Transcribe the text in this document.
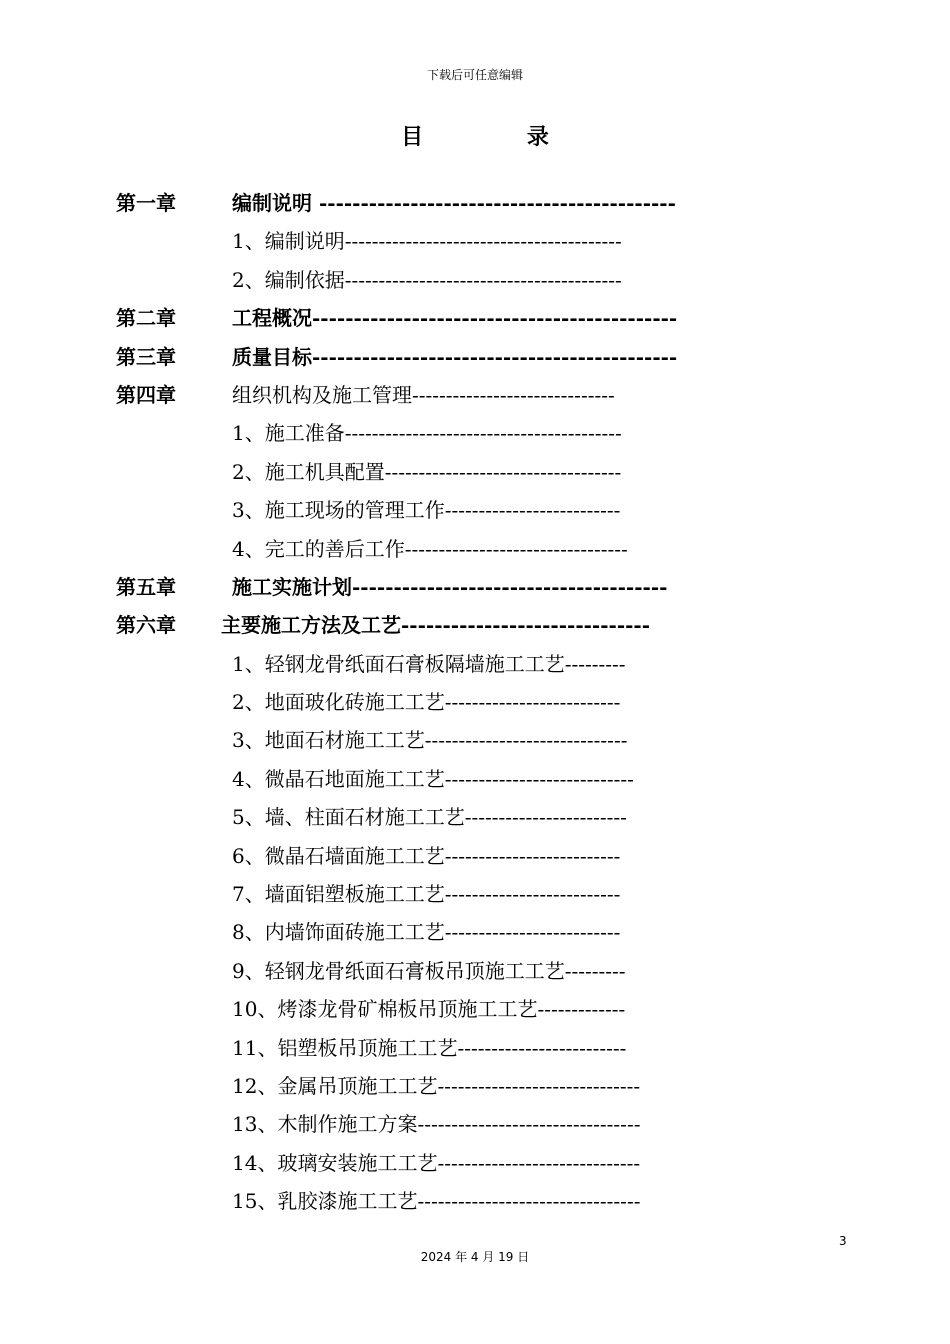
下载后可任意编辑
目 录
第一章	编制说明 -------------------------------------------
1、编制说明-----------------------------------------
2、编制依据-----------------------------------------
第二章	工程概况--------------------------------------------
第三章	质量目标--------------------------------------------
第四章	组织机构及施工管理------------------------------
1、施工准备-----------------------------------------
2、施工机具配置-----------------------------------
3、施工现场的管理工作--------------------------
4、完工的善后工作---------------------------------
第五章	施工实施计划--------------------------------------
第六章 主要施工方法及工艺------------------------------
1、轻钢龙骨纸面石膏板隔墙施工工艺---------
2、地面玻化砖施工工艺--------------------------
3、地面石材施工工艺------------------------------
4、微晶石地面施工工艺----------------------------
5、墙、柱面石材施工工艺------------------------
6、微晶石墙面施工工艺--------------------------
7、墙面铝塑板施工工艺--------------------------
8、内墙饰面砖施工工艺--------------------------
9、轻钢龙骨纸面石膏板吊顶施工工艺---------
10、烤漆龙骨矿棉板吊顶施工工艺-------------
11、铝塑板吊顶施工工艺-------------------------
12、金属吊顶施工工艺------------------------------
13、木制作施工方案---------------------------------
14、玻璃安装施工工艺------------------------------
15、乳胶漆施工工艺---------------------------------
3
2024 年 4 月 19 日
